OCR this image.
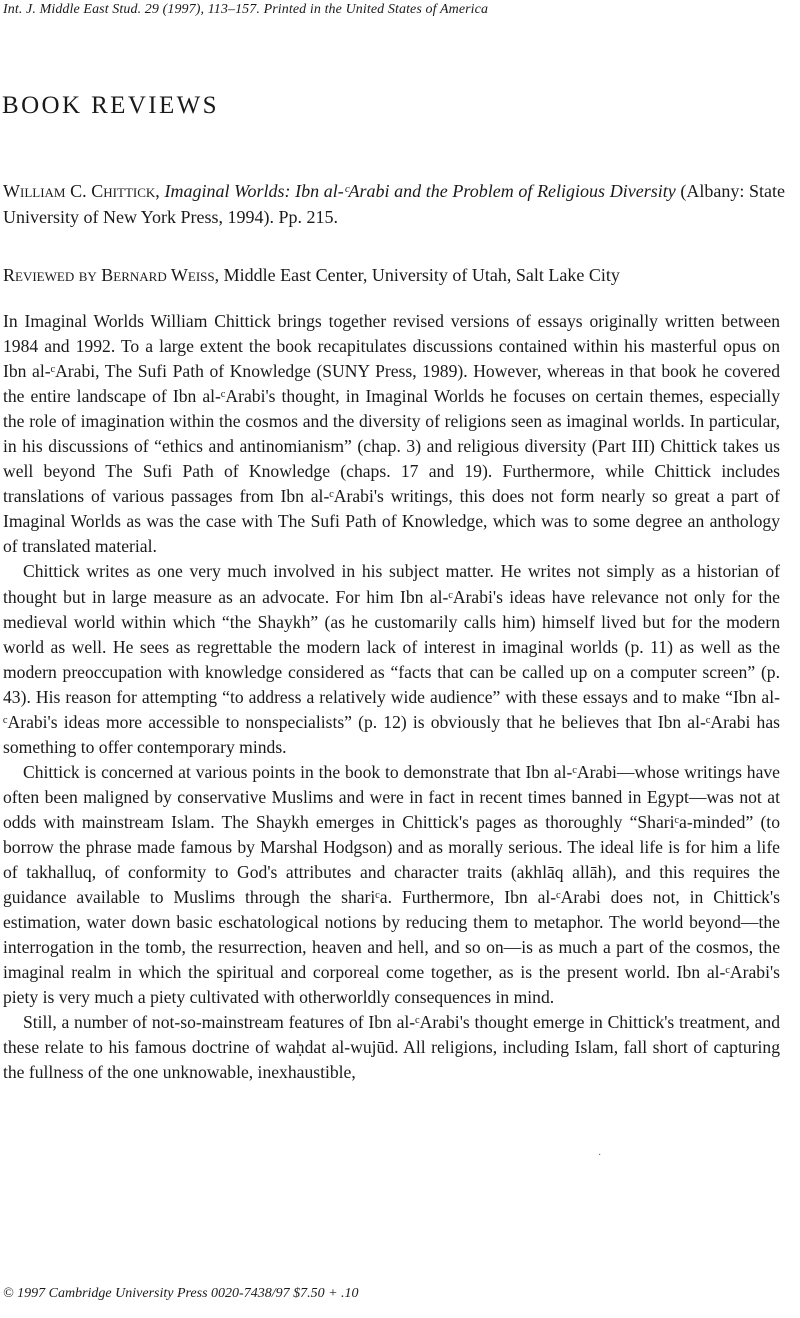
Int. J. Middle East Stud. 29 (1997), 113–157. Printed in the United States of America
BOOK REVIEWS
William C. Chittick, Imaginal Worlds: Ibn al-ᶜArabi and the Problem of Religious Diversity (Albany: State University of New York Press, 1994). Pp. 215.
Reviewed by Bernard Weiss, Middle East Center, University of Utah, Salt Lake City

In Imaginal Worlds William Chittick brings together revised versions of essays originally written between 1984 and 1992. To a large extent the book recapitulates discussions contained within his masterful opus on Ibn al-ᶜArabi, The Sufi Path of Knowledge (SUNY Press, 1989). However, whereas in that book he covered the entire landscape of Ibn al-ᶜArabi's thought, in Imaginal Worlds he focuses on certain themes, especially the role of imagination within the cosmos and the diversity of religions seen as imaginal worlds. In particular, in his discussions of “ethics and antinomianism” (chap. 3) and religious diversity (Part III) Chittick takes us well beyond The Sufi Path of Knowledge (chaps. 17 and 19). Furthermore, while Chittick includes translations of various passages from Ibn al-ᶜArabi's writings, this does not form nearly so great a part of Imaginal Worlds as was the case with The Sufi Path of Knowledge, which was to some degree an anthology of translated material.

Chittick writes as one very much involved in his subject matter. He writes not simply as a historian of thought but in large measure as an advocate. For him Ibn al-ᶜArabi's ideas have relevance not only for the medieval world within which “the Shaykh” (as he customarily calls him) himself lived but for the modern world as well. He sees as regrettable the modern lack of interest in imaginal worlds (p. 11) as well as the modern preoccupation with knowledge considered as “facts that can be called up on a computer screen” (p. 43). His reason for attempting “to address a relatively wide audience” with these essays and to make “Ibn al-ᶜArabi's ideas more accessible to nonspecialists” (p. 12) is obviously that he believes that Ibn al-ᶜArabi has something to offer contemporary minds.

Chittick is concerned at various points in the book to demonstrate that Ibn al-ᶜArabi—whose writings have often been maligned by conservative Muslims and were in fact in recent times banned in Egypt—was not at odds with mainstream Islam. The Shaykh emerges in Chittick's pages as thoroughly “Shariᶜa-minded” (to borrow the phrase made famous by Marshal Hodgson) and as morally serious. The ideal life is for him a life of takhalluq, of conformity to God's attributes and character traits (akhlāq allāh), and this requires the guidance available to Muslims through the shariᶜa. Furthermore, Ibn al-ᶜArabi does not, in Chittick's estimation, water down basic eschatological notions by reducing them to metaphor. The world beyond—the interrogation in the tomb, the resurrection, heaven and hell, and so on—is as much a part of the cosmos, the imaginal realm in which the spiritual and corporeal come together, as is the present world. Ibn al-ᶜArabi's piety is very much a piety cultivated with otherworldly consequences in mind.

Still, a number of not-so-mainstream features of Ibn al-ᶜArabi's thought emerge in Chittick's treatment, and these relate to his famous doctrine of waḥdat al-wujūd. All religions, including Islam, fall short of capturing the fullness of the one unknowable, inexhaustible,

·
© 1997 Cambridge University Press 0020-7438/97 $7.50 + .10
